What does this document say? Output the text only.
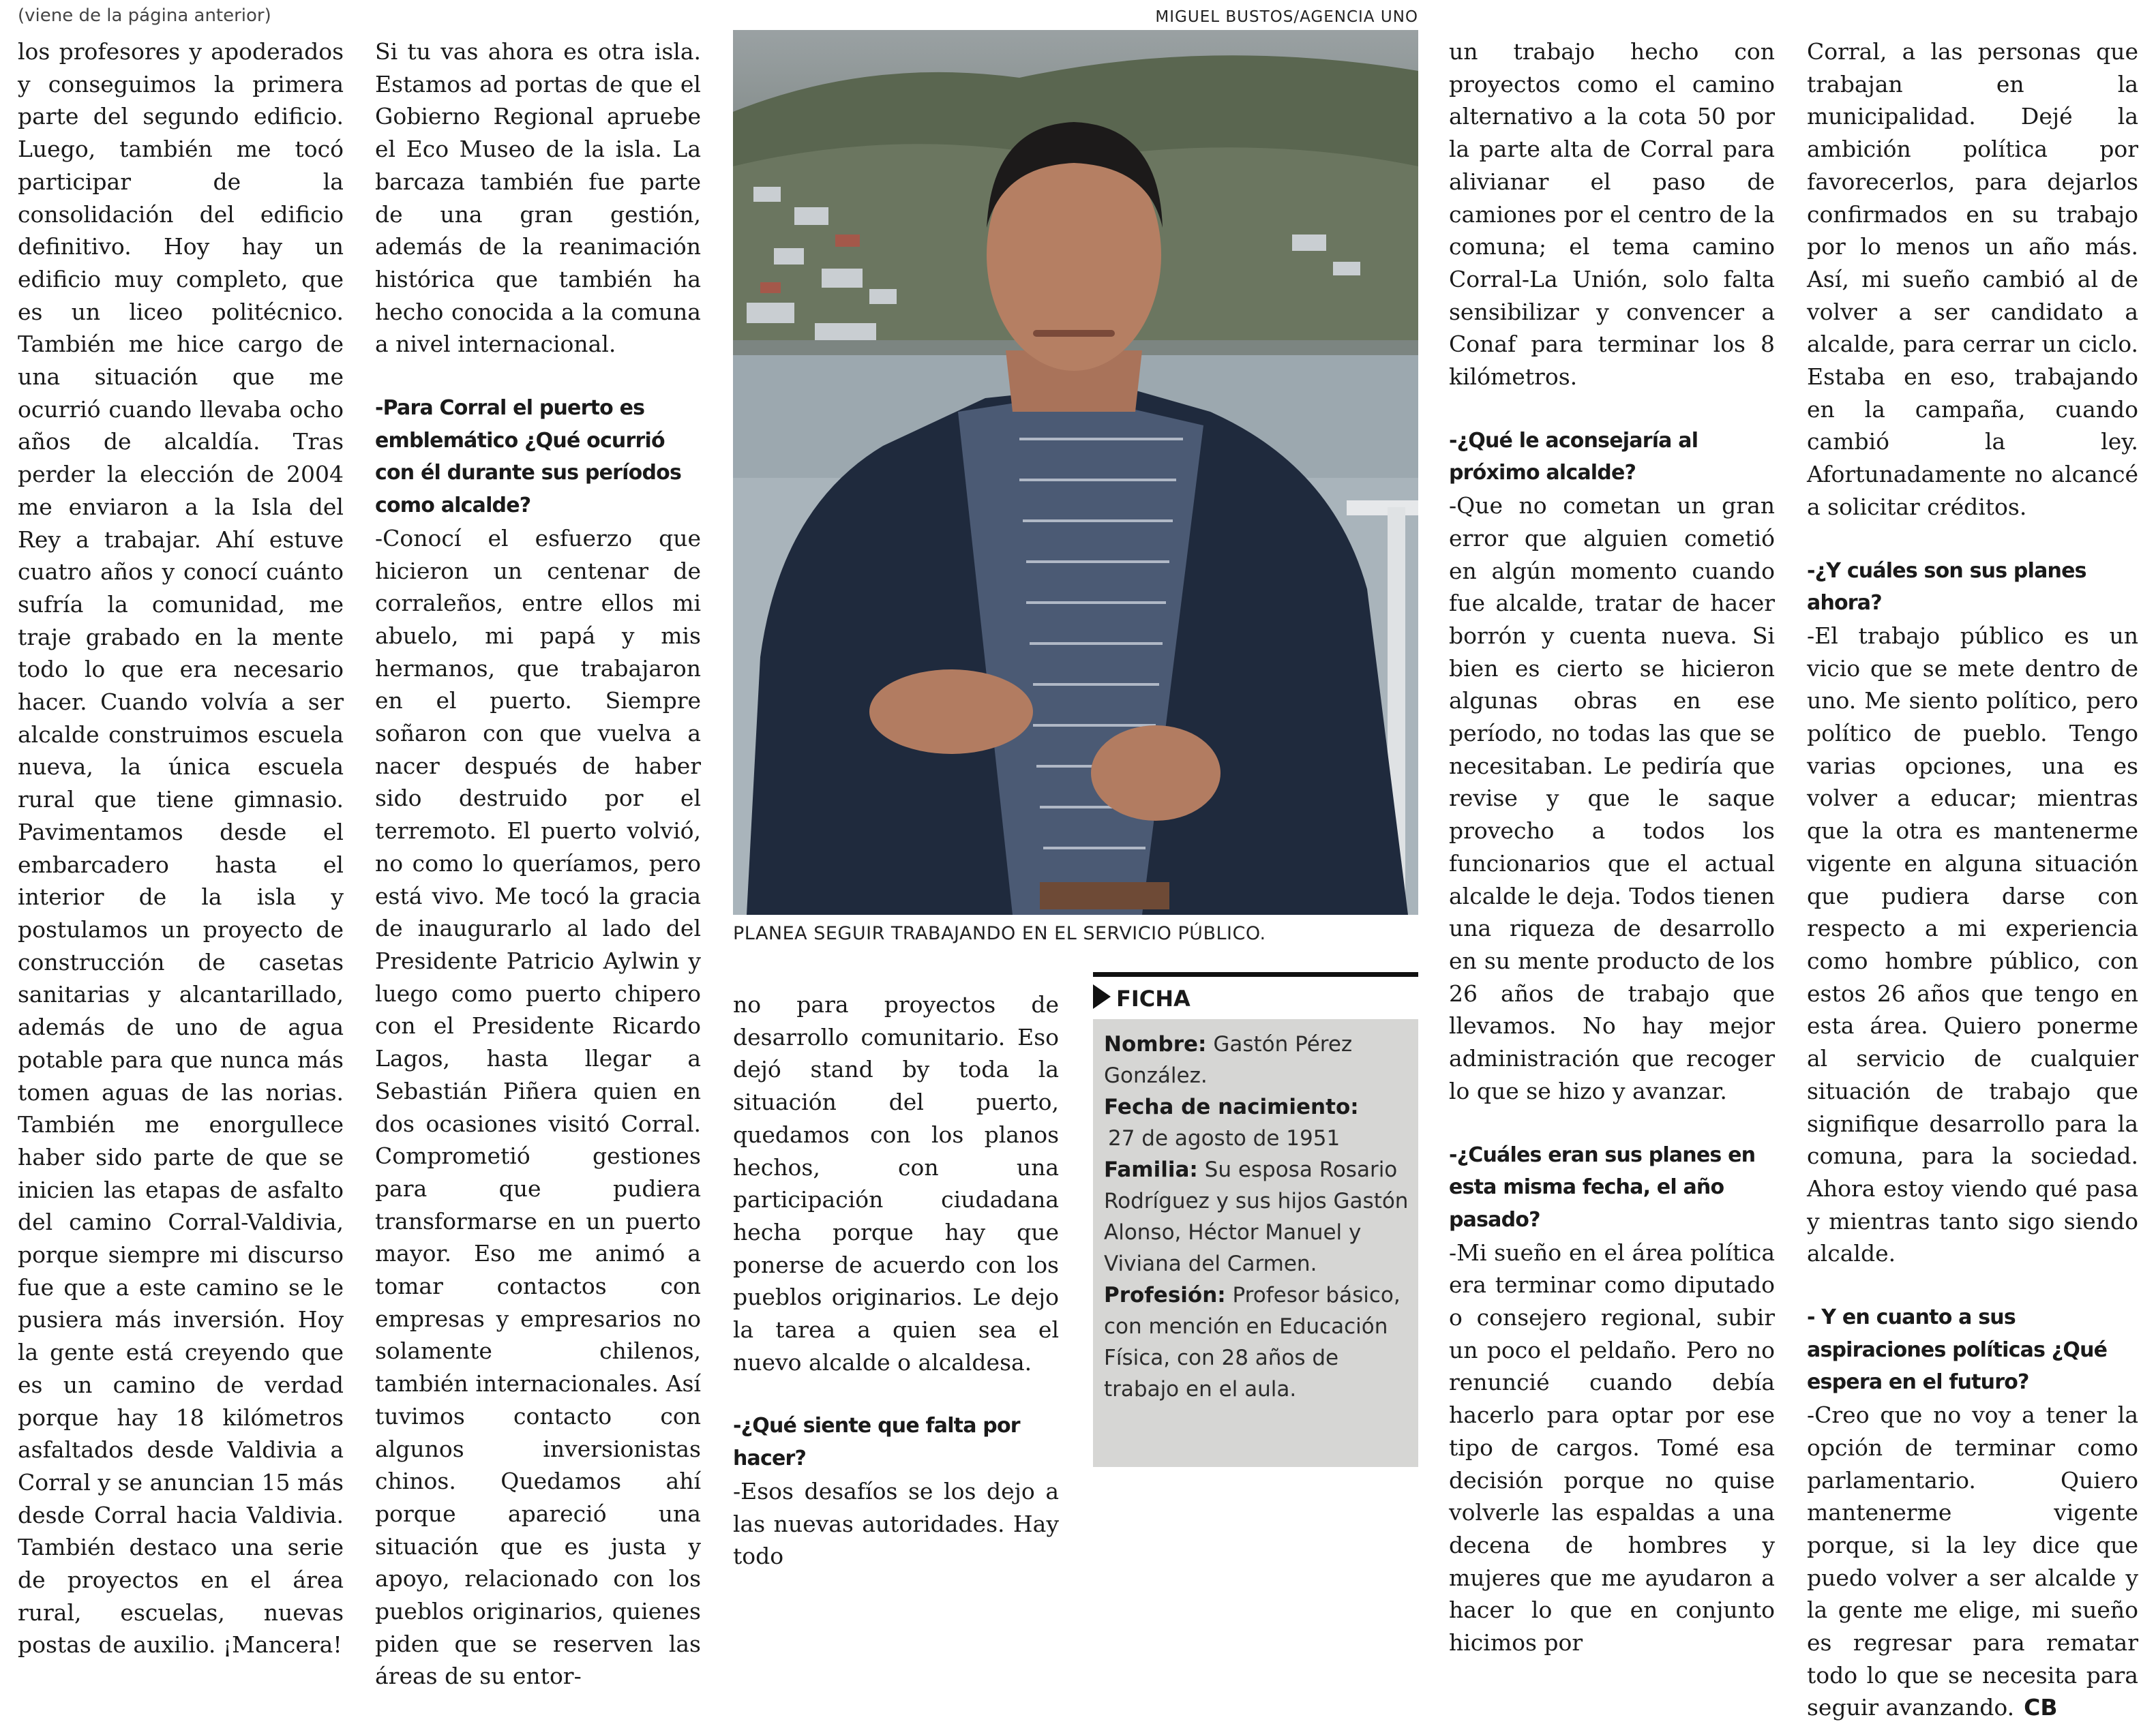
(viene de la página anterior)	MIGUEL BUSTOS/AGENCIA UNO

los profesores y apoderados y conseguimos la primera parte del segundo edificio. Luego, también me tocó participar de la consolidación del edificio definitivo. Hoy hay un edificio muy completo, que es un liceo politécnico. También me hice cargo de una situación que me ocurrió cuando llevaba ocho años de alcaldía. Tras perder la elección de 2004 me enviaron a la Isla del Rey a trabajar. Ahí estuve cuatro años y conocí cuánto sufría la comunidad, me traje grabado en la mente todo lo que era necesario hacer. Cuando volvía a ser alcalde construimos escuela nueva, la única escuela rural que tiene gimnasio. Pavimentamos desde el embarcadero hasta el interior de la isla y postulamos un proyecto de construcción de casetas sanitarias y alcantarillado, además de uno de agua potable para que nunca más tomen aguas de las norias. También me enorgullece haber sido parte de que se inicien las etapas de asfalto del camino Corral-Valdivia, porque siempre mi discurso fue que a este camino se le pusiera más inversión. Hoy la gente está creyendo que es un camino de verdad porque hay 18 kilómetros asfaltados desde Valdivia a Corral y se anuncian 15 más desde Corral hacia Valdivia. También destaco una serie de proyectos en el área rural, escuelas, nuevas postas de auxilio. ¡Mancera!

Si tu vas ahora es otra isla. Estamos ad portas de que el Gobierno Regional apruebe el Eco Museo de la isla. La barcaza también fue parte de una gran gestión, además de la reanimación histórica que también ha hecho conocida a la comuna a nivel internacional.

-Para Corral el puerto es emblemático ¿Qué ocurrió con él durante sus períodos como alcalde?

-Conocí el esfuerzo que hicieron un centenar de corraleños, entre ellos mi abuelo, mi papá y mis hermanos, que trabajaron en el puerto. Siempre soñaron con que vuelva a nacer después de haber sido destruido por el terremoto. El puerto volvió, no como lo queríamos, pero está vivo. Me tocó la gracia de inaugurarlo al lado del Presidente Patricio Aylwin y luego como puerto chipero con el Presidente Ricardo Lagos, hasta llegar a Sebastián Piñera quien en dos ocasiones visitó Corral. Comprometió gestiones para que pudiera transformarse en un puerto mayor. Eso me animó a tomar contactos con empresas y empresarios no solamente chilenos, también internacionales. Así tuvimos contacto con algunos inversionistas chinos. Quedamos ahí porque apareció una situación que es justa y apoyo, relacionado con los pueblos originarios, quienes piden que se reserven las áreas de su entor-

PLANEA SEGUIR TRABAJANDO EN EL SERVICIO PÚBLICO.

no para proyectos de desarrollo comunitario. Eso dejó stand by toda la situación del puerto, quedamos con los planos hechos, con una participación ciudadana hecha porque hay que ponerse de acuerdo con los pueblos originarios. Le dejo la tarea a quien sea el nuevo alcalde o alcaldesa.

-¿Qué siente que falta por hacer?

-Esos desafíos se los dejo a las nuevas autoridades. Hay todo

FICHA

Nombre: Gastón Pérez González.

Fecha de nacimiento:

27 de agosto de 1951

Familia: Su esposa Rosario Rodríguez y sus hijos Gastón Alonso, Héctor Manuel y Viviana del Carmen.

Profesión: Profesor básico, con mención en Educación Física, con 28 años de trabajo en el aula.

un trabajo hecho con proyectos como el camino alternativo a la cota 50 por la parte alta de Corral para alivianar el paso de camiones por el centro de la comuna; el tema camino Corral-La Unión, solo falta sensibilizar y convencer a Conaf para terminar los 8 kilómetros.

-¿Qué le aconsejaría al próximo alcalde?

-Que no cometan un gran error que alguien cometió en algún momento cuando fue alcalde, tratar de hacer borrón y cuenta nueva. Si bien es cierto se hicieron algunas obras en ese período, no todas las que se necesitaban. Le pediría que revise y que le saque provecho a todos los funcionarios que el actual alcalde le deja. Todos tienen una riqueza de desarrollo en su mente producto de los 26 años de trabajo que llevamos. No hay mejor administración que recoger lo que se hizo y avanzar.

-¿Cuáles eran sus planes en esta misma fecha, el año pasado?

-Mi sueño en el área política era terminar como diputado o consejero regional, subir un poco el peldaño. Pero no renuncié cuando debía hacerlo para optar por ese tipo de cargos. Tomé esa decisión porque no quise volverle las espaldas a una decena de hombres y mujeres que me ayudaron a hacer lo que en conjunto hicimos por

Corral, a las personas que trabajan en la municipalidad. Dejé la ambición política por favorecerlos, para dejarlos confirmados en su trabajo por lo menos un año más. Así, mi sueño cambió al de volver a ser candidato a alcalde, para cerrar un ciclo. Estaba en eso, trabajando en la campaña, cuando cambió la ley. Afortunadamente no alcancé a solicitar créditos.

-¿Y cuáles son sus planes ahora?

-El trabajo público es un vicio que se mete dentro de uno. Me siento político, pero político de pueblo. Tengo varias opciones, una es volver a educar; mientras que la otra es mantenerme vigente en alguna situación que pudiera darse con respecto a mi experiencia como hombre público, con estos 26 años que tengo en esta área. Quiero ponerme al servicio de cualquier situación de trabajo que signifique desarrollo para la comuna, para la sociedad. Ahora estoy viendo qué pasa y mientras tanto sigo siendo alcalde.

- Y en cuanto a sus aspiraciones políticas ¿Qué espera en el futuro?

-Creo que no voy a tener la opción de terminar como parlamentario. Quiero mantenerme vigente porque, si la ley dice que puedo volver a ser alcalde y la gente me elige, mi sueño es regresar para rematar todo lo que se necesita para seguir avanzando. CB
